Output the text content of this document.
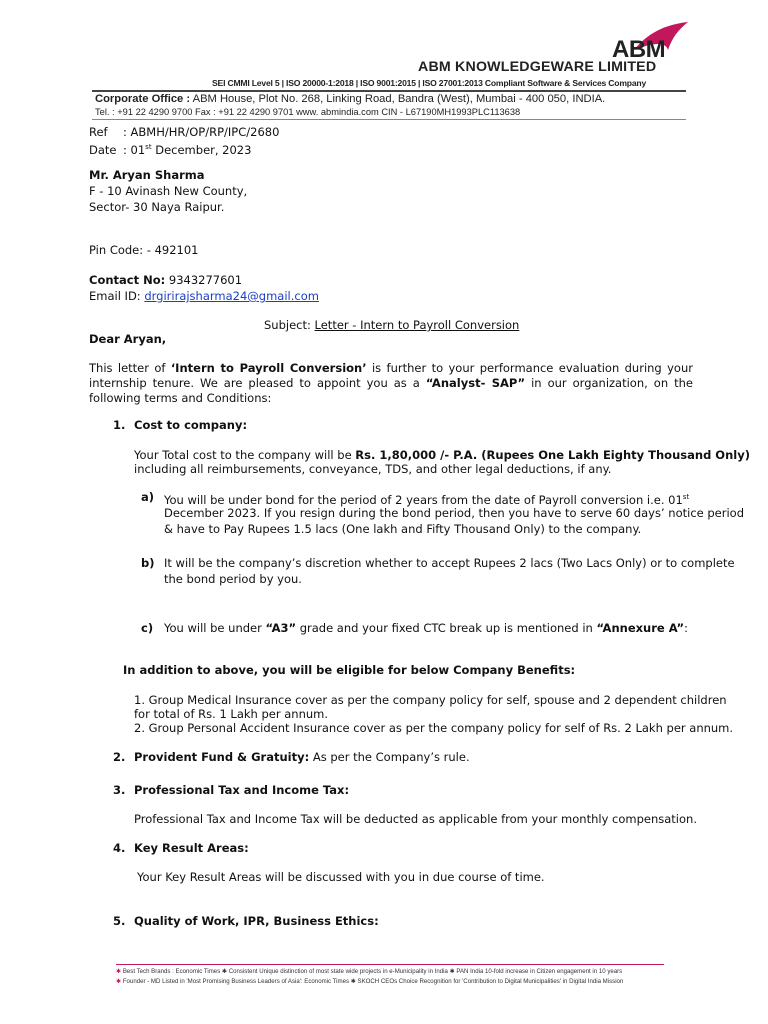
ABM
ABM KNOWLEDGEWARE LIMITED
SEI CMMI Level 5 | ISO 20000-1:2018 | ISO 9001:2015 | ISO 27001:2013 Compliant Software & Services Company
Corporate Office : ABM House, Plot No. 268, Linking Road, Bandra (West), Mumbai - 400 050, INDIA.
Tel. : +91 22 4290 9700 Fax : +91 22 4290 9701 www. abmindia.com CIN - L67190MH1993PLC113638
Ref : ABMH/HR/OP/RP/IPC/2680
Date : 01st December, 2023
Mr. Aryan Sharma
F - 10 Avinash New County,
Sector- 30 Naya Raipur.
Pin Code: - 492101
Contact No: 9343277601
Email ID: drgirirajsharma24@gmail.com
Subject: Letter - Intern to Payroll Conversion
Dear Aryan,
This letter of ‘Intern to Payroll Conversion’ is further to your performance evaluation during your internship tenure. We are pleased to appoint you as a “Analyst- SAP” in our organization, on the following terms and Conditions:
1. Cost to company:
Your Total cost to the company will be Rs. 1,80,000 /- P.A. (Rupees One Lakh Eighty Thousand Only)
including all reimbursements, conveyance, TDS, and other legal deductions, if any.
a) You will be under bond for the period of 2 years from the date of Payroll conversion i.e. 01st
December 2023. If you resign during the bond period, then you have to serve 60 days’ notice period
& have to Pay Rupees 1.5 lacs (One lakh and Fifty Thousand Only) to the company.
b) It will be the company’s discretion whether to accept Rupees 2 lacs (Two Lacs Only) or to complete
the bond period by you.
c) You will be under “A3” grade and your fixed CTC break up is mentioned in “Annexure A”:
In addition to above, you will be eligible for below Company Benefits:
1. Group Medical Insurance cover as per the company policy for self, spouse and 2 dependent children
for total of Rs. 1 Lakh per annum.
2. Group Personal Accident Insurance cover as per the company policy for self of Rs. 2 Lakh per annum.
2. Provident Fund & Gratuity: As per the Company’s rule.
3. Professional Tax and Income Tax:
Professional Tax and Income Tax will be deducted as applicable from your monthly compensation.
4. Key Result Areas:
Your Key Result Areas will be discussed with you in due course of time.
5. Quality of Work, IPR, Business Ethics:
✱ Best Tech Brands : Economic Times ✱ Consistent Unique distinction of most state wide projects in e-Municipality in India ✱ PAN India 10-fold increase in Citizen engagement in 10 years
✱ Founder - MD Listed in 'Most Promising Business Leaders of Asia': Economic Times ✱ SKOCH CEOs Choice Recognition for 'Contribution to Digital Municipalities' in Digital India Mission
